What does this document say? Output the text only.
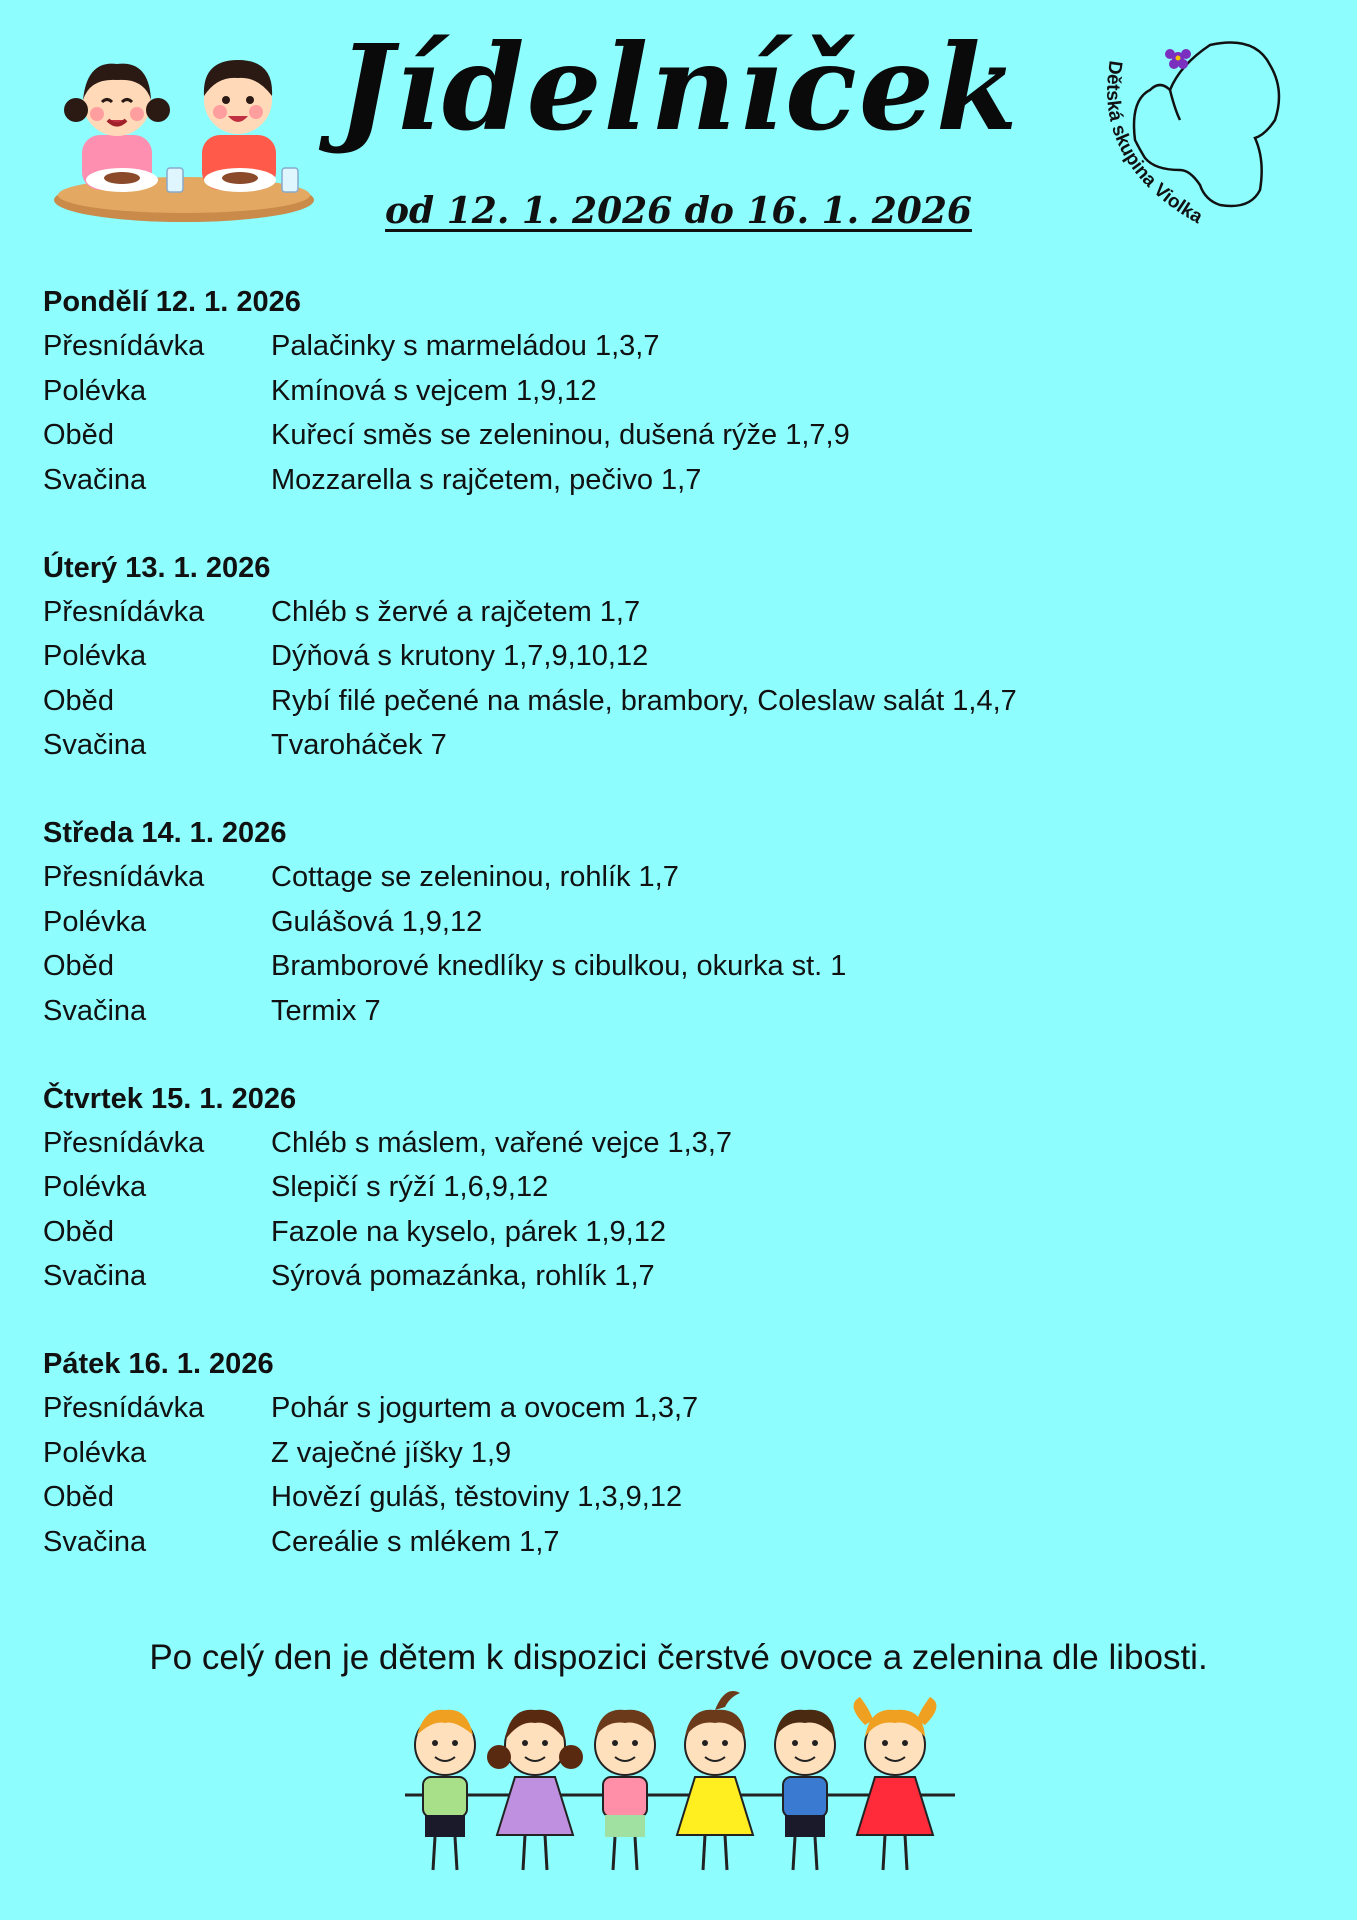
Jídelníček
od 12. 1. 2026 do 16. 1. 2026
Dětská skupina Violka
Pondělí 12. 1. 2026
Přesnídávka	Palačinky s marmeládou 1,3,7
Polévka	Kmínová s vejcem 1,9,12
Oběd	Kuřecí směs se zeleninou, dušená rýže 1,7,9
Svačina	Mozzarella s rajčetem, pečivo 1,7
Úterý 13. 1. 2026
Přesnídávka	Chléb s žervé a rajčetem 1,7
Polévka	Dýňová s krutony 1,7,9,10,12
Oběd	Rybí filé pečené na másle, brambory, Coleslaw salát 1,4,7
Svačina	Tvaroháček 7
Středa 14. 1. 2026
Přesnídávka	Cottage se zeleninou, rohlík 1,7
Polévka	Gulášová 1,9,12
Oběd	Bramborové knedlíky s cibulkou, okurka st. 1
Svačina	Termix 7
Čtvrtek 15. 1. 2026
Přesnídávka	Chléb s máslem, vařené vejce 1,3,7
Polévka	Slepičí s rýží 1,6,9,12
Oběd	Fazole na kyselo, párek 1,9,12
Svačina	Sýrová pomazánka, rohlík 1,7
Pátek 16. 1. 2026
Přesnídávka	Pohár s jogurtem a ovocem 1,3,7
Polévka	Z vaječné jíšky 1,9
Oběd	Hovězí guláš, těstoviny 1,3,9,12
Svačina	Cereálie s mlékem 1,7
Po celý den je dětem k dispozici čerstvé ovoce a zelenina dle libosti.
